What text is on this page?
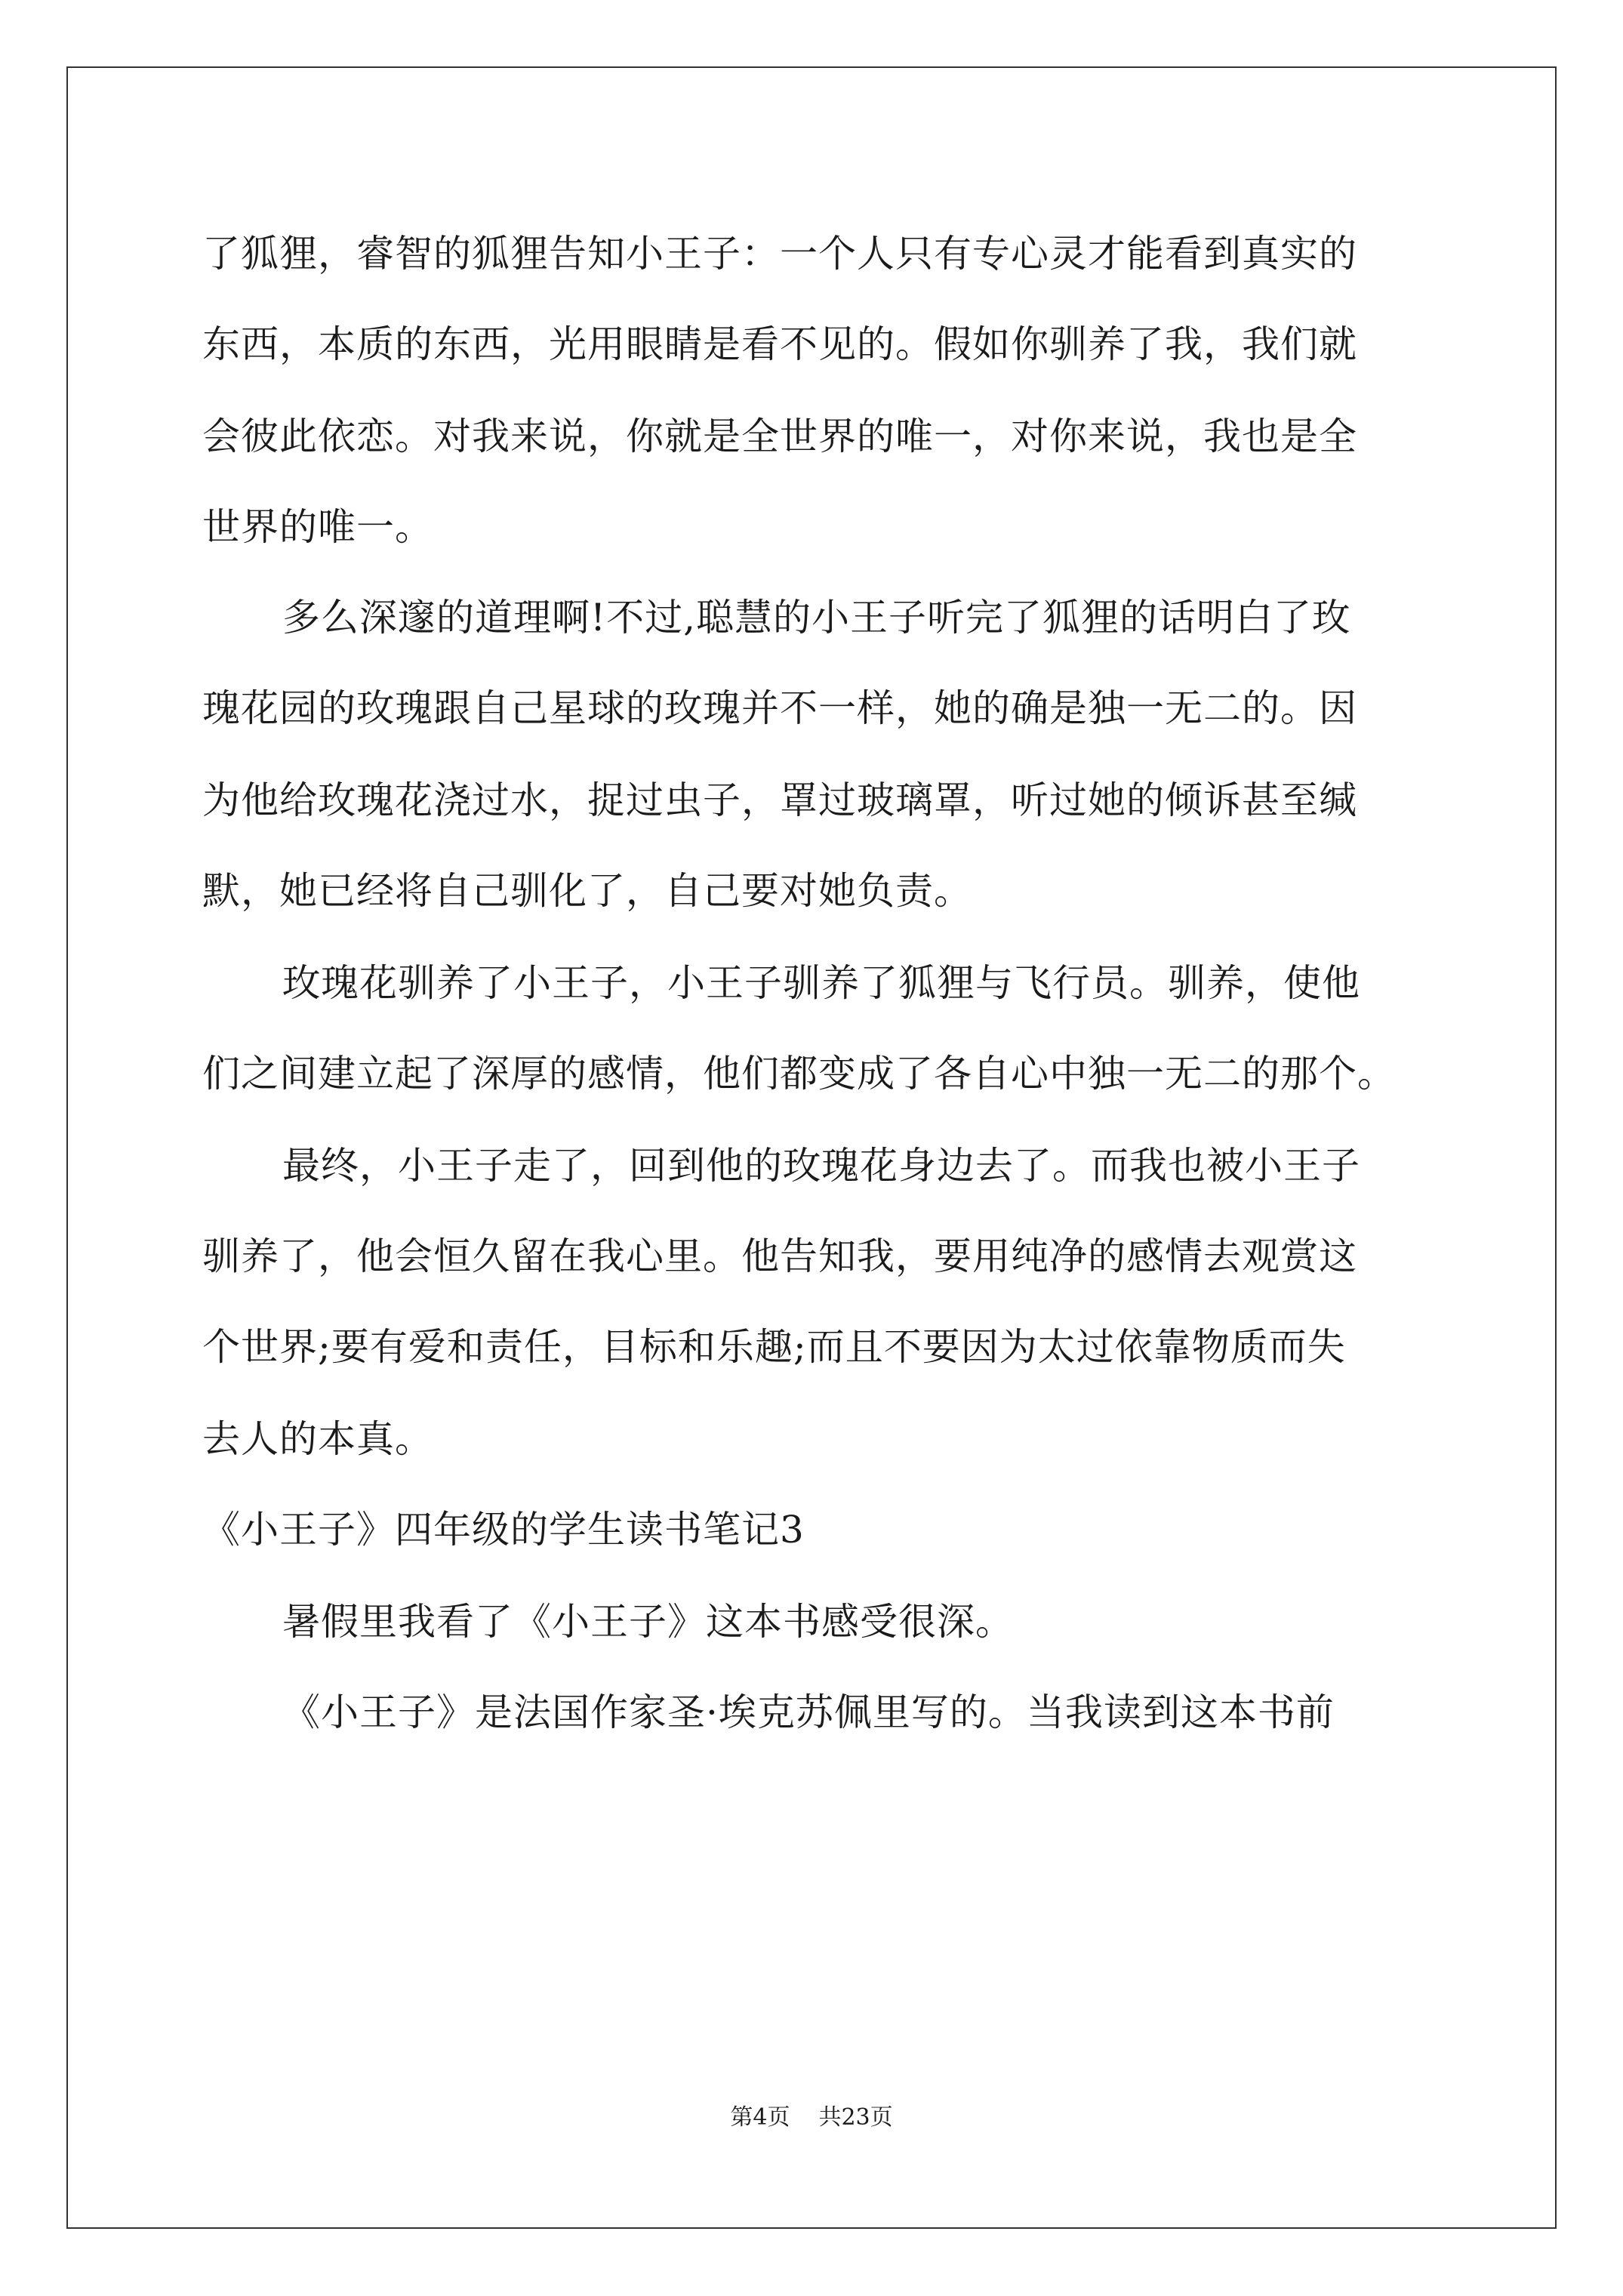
了狐狸，睿智的狐狸告知小王子：一个人只有专心灵才能看到真实的
东西，本质的东西，光用眼睛是看不见的。假如你驯养了我，我们就
会彼此依恋。对我来说，你就是全世界的唯一，对你来说，我也是全
世界的唯一。
多么深邃的道理啊!不过,聪慧的小王子听完了狐狸的话明白了玫
瑰花园的玫瑰跟自己星球的玫瑰并不一样，她的确是独一无二的。因
为他给玫瑰花浇过水，捉过虫子，罩过玻璃罩，听过她的倾诉甚至缄
默，她已经将自己驯化了，自己要对她负责。
玫瑰花驯养了小王子，小王子驯养了狐狸与飞行员。驯养，使他
们之间建立起了深厚的感情，他们都变成了各自心中独一无二的那个。
最终，小王子走了，回到他的玫瑰花身边去了。而我也被小王子
驯养了，他会恒久留在我心里。他告知我，要用纯净的感情去观赏这
个世界;要有爱和责任，目标和乐趣;而且不要因为太过依靠物质而失
去人的本真。
《小王子》四年级的学生读书笔记3
暑假里我看了《小王子》这本书感受很深。
《小王子》是法国作家圣·埃克苏佩里写的。当我读到这本书前
第4页 共23页
